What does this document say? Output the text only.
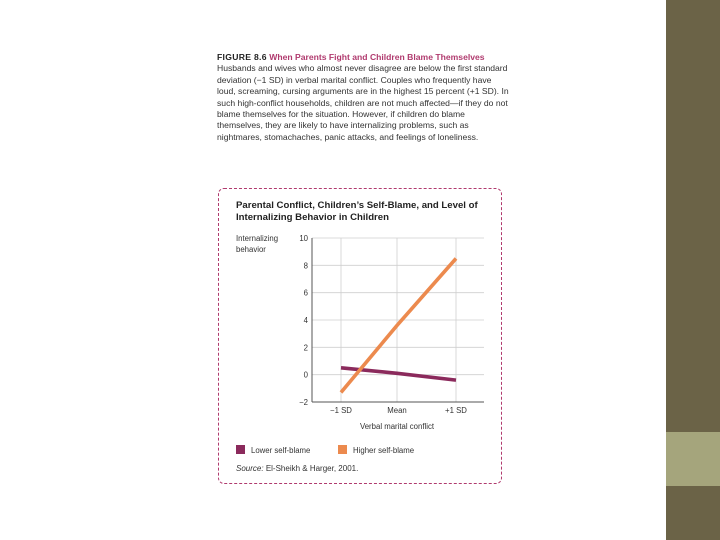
FIGURE 8.6 When Parents Fight and Children Blame Themselves Husbands and wives who almost never disagree are below the first standard deviation (−1 SD) in verbal marital conflict. Couples who frequently have loud, screaming, cursing arguments are in the highest 15 percent (+1 SD). In such high-conflict households, children are not much affected—if they do not blame themselves for the situation. However, if children do blame themselves, they are likely to have internalizing problems, such as nightmares, stomachaches, panic attacks, and feelings of loneliness.
Parental Conflict, Children’s Self-Blame, and Level of Internalizing Behavior in Children
10
8
6
4
2
0
−2
Internalizing
behavior
−1 SD	Mean	+1 SD
Verbal marital conflict
Lower self-blame	Higher self-blame
Source: El-Sheikh & Harger, 2001.
